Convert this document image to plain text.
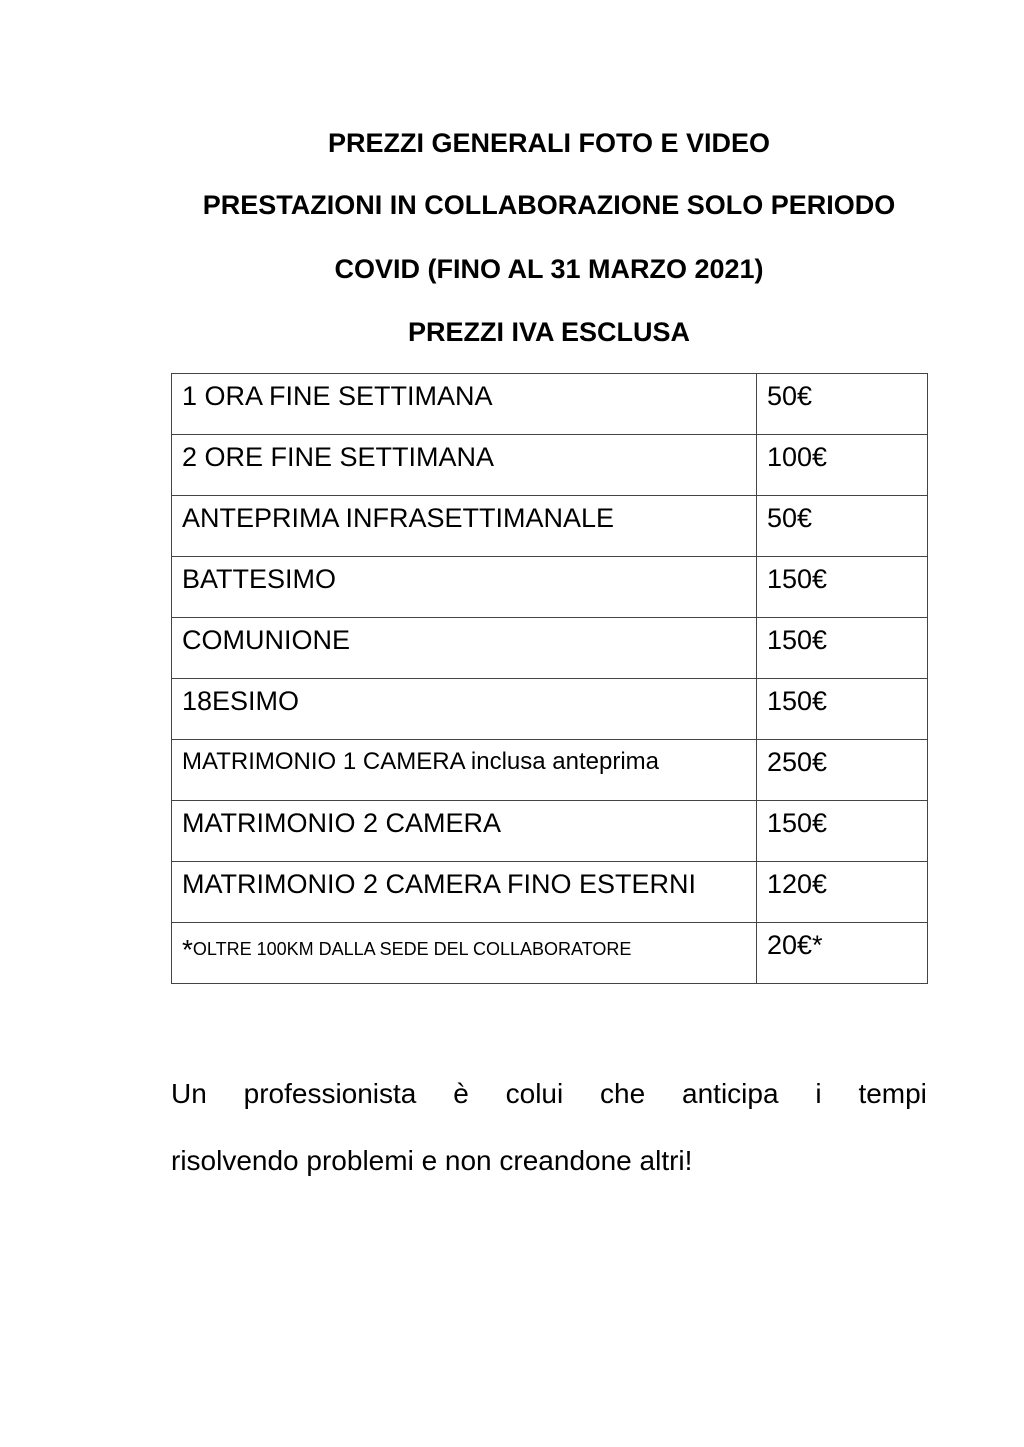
PREZZI GENERALI FOTO E VIDEO
PRESTAZIONI IN COLLABORAZIONE SOLO PERIODO
COVID (FINO AL 31 MARZO 2021)
PREZZI IVA ESCLUSA
1 ORA FINE SETTIMANA	50€
2 ORE FINE SETTIMANA	100€
ANTEPRIMA INFRASETTIMANALE	50€
BATTESIMO	150€
COMUNIONE	150€
18ESIMO	150€
MATRIMONIO 1 CAMERA inclusa anteprima	250€
MATRIMONIO 2 CAMERA	150€
MATRIMONIO 2 CAMERA FINO ESTERNI	120€
*OLTRE 100KM DALLA SEDE DEL COLLABORATORE	20€*
Un professionista è colui che anticipa i tempi
risolvendo problemi e non creandone altri!
